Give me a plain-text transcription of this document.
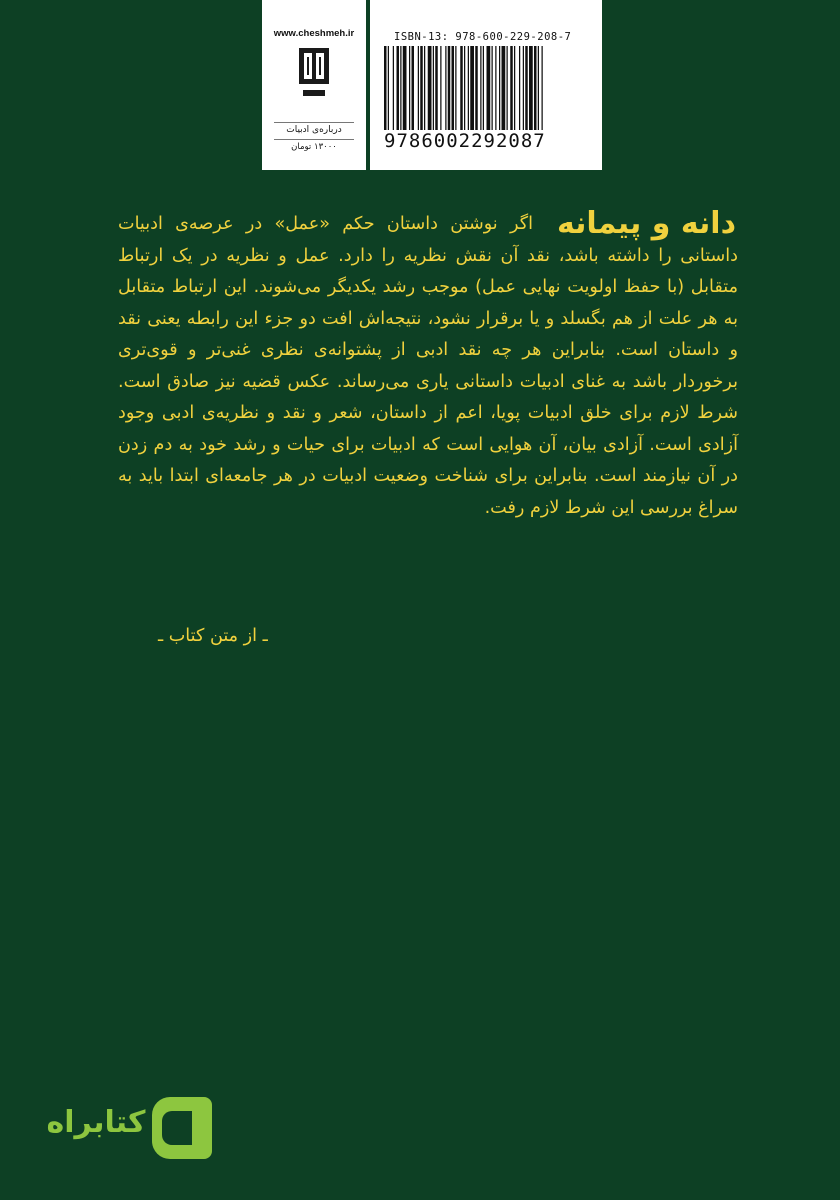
www.cheshmeh.ir
درباره‌ی ادبیات
۱۳۰۰۰ تومان
ISBN-13: 978-600-229-208-7
9786002292087
دانه و پیمانه
اگر نوشتن داستان حکم «عمل» در عرصه‌ی ادبیات داستانی را داشته باشد، نقد آن نقش نظریه را دارد. عمل و نظریه در یک ارتباط متقابل (با حفظ اولویت نهایی عمل) موجب رشد یکدیگر می‌شوند. این ارتباط متقابل به هر علت از هم بگسلد و یا برقرار نشود، نتیجه‌اش افت دو جزء این رابطه یعنی نقد و داستان است. بنابراین هر چه نقد ادبی از پشتوانه‌ی نظری غنی‌تر و قوی‌تری برخوردار باشد به غنای ادبیات داستانی یاری می‌رساند. عکس قضیه نیز صادق است. شرط لازم برای خلق ادبیات پویا، اعم از داستان، شعر و نقد و نظریه‌ی ادبی وجود آزادی است. آزادی بیان، آن هوایی است که ادبیات برای حیات و رشد خود به دم زدن در آن نیازمند است. بنابراین برای شناخت وضعیت ادبیات در هر جامعه‌ای ابتدا باید به سراغ بررسی این شرط لازم رفت.
ـ از متن کتاب ـ
کتابراه
